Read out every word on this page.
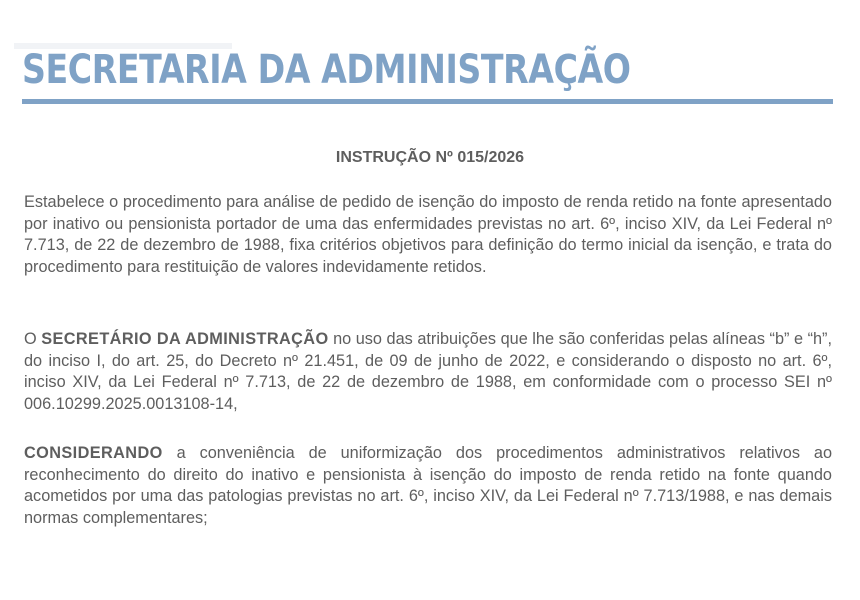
SECRETARIA DA ADMINISTRAÇÃO
INSTRUÇÃO Nº 015/2026

Estabelece o procedimento para análise de pedido de isenção do imposto de renda retido na fonte apresentado por inativo ou pensionista portador de uma das enfermidades previstas no art. 6º, inciso XIV, da Lei Federal nº 7.713, de 22 de dezembro de 1988, fixa critérios objetivos para definição do termo inicial da isenção, e trata do procedimento para restituição de valores indevidamente retidos.

O SECRETÁRIO DA ADMINISTRAÇÃO no uso das atribuições que lhe são conferidas pelas alíneas “b” e “h”, do inciso I, do art. 25, do Decreto nº 21.451, de 09 de junho de 2022, e considerando o disposto no art. 6º, inciso XIV, da Lei Federal nº 7.713, de 22 de dezembro de 1988, em conformidade com o processo SEI nº 006.10299.2025.0013108-14,

CONSIDERANDO a conveniência de uniformização dos procedimentos administrativos relativos ao reconhecimento do direito do inativo e pensionista à isenção do imposto de renda retido na fonte quando acometidos por uma das patologias previstas no art. 6º, inciso XIV, da Lei Federal nº 7.713/1988, e nas demais normas complementares;
